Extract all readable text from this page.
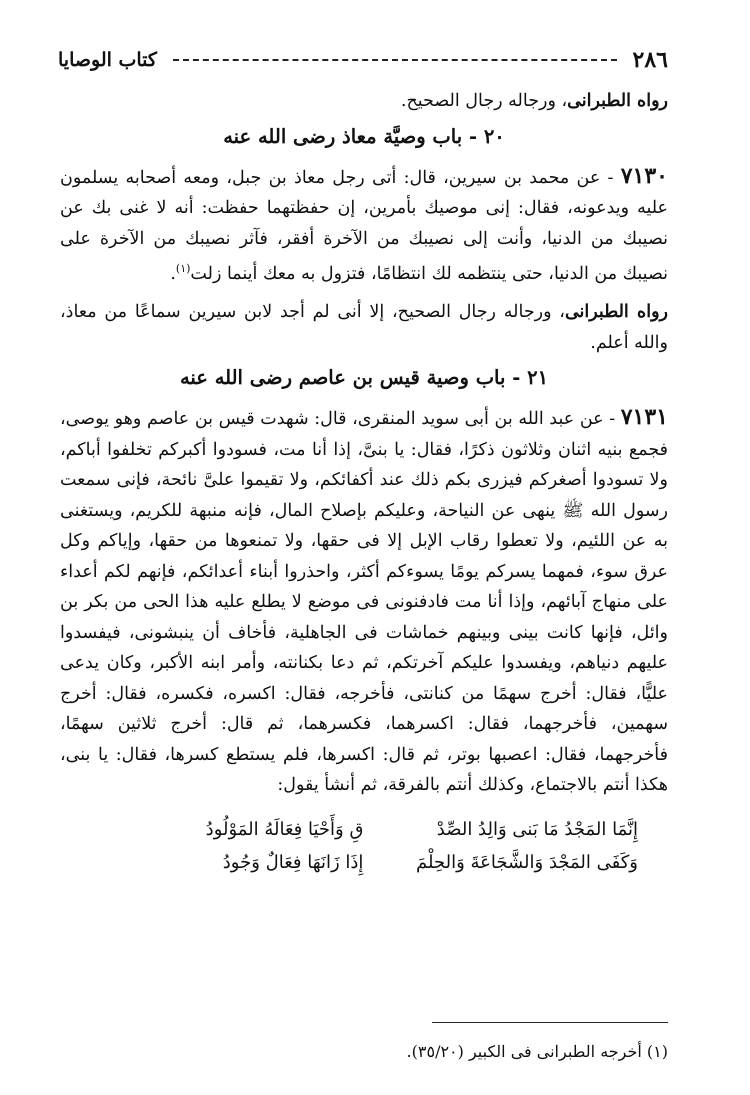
٢٨٦
كتاب الوصايا

رواه الطبرانى، ورجاله رجال الصحيح.

٢٠ - باب وصيَّة معاذ رضى الله عنه

٧١٣٠ - عن محمد بن سيرين، قال: أتى رجل معاذ بن جبل، ومعه أصحابه يسلمون عليه ويدعونه، فقال: إنى موصيك بأمرين، إن حفظتهما حفظت: أنه لا غنى بك عن نصيبك من الدنيا، وأنت إلى نصيبك من الآخرة أفقر، فآثر نصيبك من الآخرة على نصيبك من الدنيا، حتى ينتظمه لك انتظامًا، فتزول به معك أينما زلت$^{(١)}$.

رواه الطبرانى، ورجاله رجال الصحيح، إلا أنى لم أجد لابن سيرين سماعًا من معاذ، والله أعلم.

٢١ - باب وصية قيس بن عاصم رضى الله عنه

٧١٣١ - عن عبد الله بن أبى سويد المنقرى، قال: شهدت قيس بن عاصم وهو يوصى، فجمع بنيه اثنان وثلاثون ذكرًا، فقال: يا بنىَّ، إذا أنا مت، فسودوا أكبركم تخلفوا أباكم، ولا تسودوا أصغركم فيزرى بكم ذلك عند أكفائكم، ولا تقيموا علىَّ نائحة، فإنى سمعت رسول الله ﷺ ينهى عن النياحة، وعليكم بإصلاح المال، فإنه منبهة للكريم، ويستغنى به عن اللئيم، ولا تعطوا رقاب الإبل إلا فى حقها، ولا تمنعوها من حقها، وإياكم وكل عرق سوء، فمهما يسركم يومًا يسوءكم أكثر، واحذروا أبناء أعدائكم، فإنهم لكم أعداء على منهاج آبائهم، وإذا أنا مت فادفنونى فى موضع لا يطلع عليه هذا الحى من بكر بن وائل، فإنها كانت بينى وبينهم خماشات فى الجاهلية، فأخاف أن ينبشونى، فيفسدوا عليهم دنياهم، ويفسدوا عليكم آخرتكم، ثم دعا بكنانته، وأمر ابنه الأكبر، وكان يدعى عليًّا، فقال: أخرج سهمًا من كنانتى، فأخرجه، فقال: اكسره، فكسره، فقال: أخرج سهمين، فأخرجهما، فقال: اكسرهما، فكسرهما، ثم قال: أخرج ثلاثين سهمًا، فأخرجهما، فقال: اعصبها بوتر، ثم قال: اكسرها، فلم يستطع كسرها، فقال: يا بنى، هكذا أنتم بالاجتماع، وكذلك أنتم بالفرقة، ثم أنشأ يقول:

إِنَّمَا المَجْدُ مَا بَنى وَالِدُ الصِّدْ
قِ وَأَحْيَا فِعَالَهُ المَوْلُودُ
وَكَفَى المَجْدَ وَالشَّجَاعَةَ وَالحِلْمَ
إِذَا زَانَهَا فِعَالٌ وَجُودُ
(١) أخرجه الطبرانى فى الكبير (٣٥/٢٠).
